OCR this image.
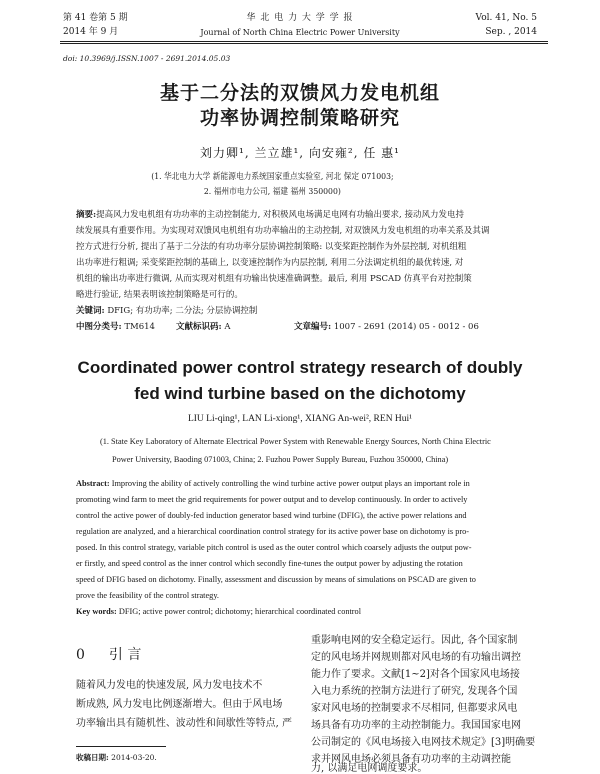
第 41 卷第 5 期
2014 年 9 月
华 北 电 力 大 学 学 报
Journal of North China Electric Power University
Vol. 41, No. 5
Sep. , 2014
doi: 10.3969/j.ISSN.1007 - 2691.2014.05.03
基于二分法的双馈风力发电机组
功率协调控制策略研究
刘力卿¹, 兰立雄¹, 向安雍², 任 惠¹
(1. 华北电力大学 新能源电力系统国家重点实验室, 河北 保定 071003;
2. 福州市电力公司, 福建 福州 350000)
摘要:提高风力发电机组有功功率的主动控制能力, 对积极风电场满足电网有功输出要求, 接动风力发电持
续发展具有重要作用。为实现对双馈风电机组有功功率输出的主动控制, 对双馈风力发电机组的功率关系及其调
控方式进行分析, 提出了基于二分法的有功功率分层协调控制策略: 以变桨距控制作为外层控制, 对机组粗
出功率进行粗调; 采变桨距控制的基础上, 以变速控制作为内层控制, 利用二分法调定机组的最优转速, 对
机组的输出功率进行微调, 从而实现对机组有功输出快速准确调整。最后, 利用 PSCAD 仿真平台对控制策
略进行验证, 结果表明该控制策略是可行的。
关键词: DFIG; 有功功率; 二分法; 分层协调控制
中图分类号: TM614 文献标识码: A	文章编号: 1007 - 2691 (2014) 05 - 0012 - 06
Coordinated power control strategy research of doubly
fed wind turbine based on the dichotomy
LIU Li-qing¹, LAN Li-xiong¹, XIANG An-wei², REN Hui¹
(1. State Key Laboratory of Alternate Electrical Power System with Renewable Energy Sources, North China Electric
Power University, Baoding 071003, China; 2. Fuzhou Power Supply Bureau, Fuzhou 350000, China)
Abstract: Improving the ability of actively controlling the wind turbine active power output plays an important role in
promoting wind farm to meet the grid requirements for power output and to develop continuously. In order to actively
control the active power of doubly-fed induction generator based wind turbine (DFIG), the active power relations and
regulation are analyzed, and a hierarchical coordination control strategy for its active power base on dichotomy is pro-
posed. In this control strategy, variable pitch control is used as the outer control which coarsely adjusts the output pow-
er firstly, and speed control as the inner control which secondly fine-tunes the output power by adjusting the rotation
speed of DFIG based on dichotomy. Finally, assessment and discussion by means of simulations on PSCAD are given to
prove the feasibility of the control strategy.
Key words: DFIG; active power control; dichotomy; hierarchical coordinated control
0 引 言
随着风力发电的快速发展, 风力发电技术不
断成熟, 风力发电比例逐渐增大。但由于风电场
功率输出具有随机性、波动性和间歇性等特点, 严
收稿日期: 2014-03-20.
重影响电网的安全稳定运行。因此, 各个国家制
定的风电场并网规则都对风电场的有功输出调控
能力作了要求。文献[1~2]对各个国家风电场接
入电力系统的控制方法进行了研究, 发现各个国
家对风电场的控制要求不尽相同, 但都要求风电
场具备有功功率的主动控制能力。我国国家电网
公司制定的《风电场接入电网技术规定》[3]明确要
求并网风电场必须具备有功功率的主动调控能
力, 以满足电网调度要求。
